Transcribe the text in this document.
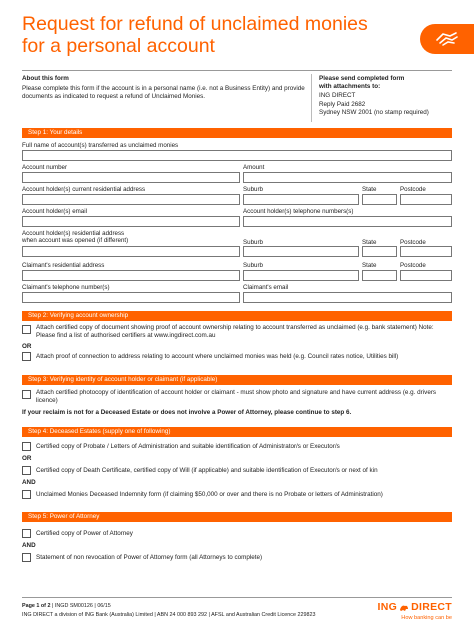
Request for refund of unclaimed monies
for a personal account
About this form
Please complete this form if the account is in a personal name (i.e. not a Business Entity) and provide documents as indicated to request a refund of Unclaimed Monies.
Please send completed form
with attachments to:
ING DIRECT
Reply Paid 2682
Sydney NSW 2001 (no stamp required)
Step 1: Your details
Full name of account(s) transferred as unclaimed monies
Account number	Amount
Account holder(s) current residential address	Suburb	State	Postcode
Account holder(s) email	Account holder(s) telephone numbers(s)
Account holder(s) residential address
when account was opened (if different)	Suburb	State	Postcode
Claimant's residential address	Suburb	State	Postcode
Claimant's telephone number(s)	Claimant's email
Step 2: Verifying account ownership
Attach certified copy of document showing proof of account ownership relating to account transferred as unclaimed (e.g. bank statement) Note: Please find a list of authorised certifiers at www.ingdirect.com.au
OR
Attach proof of connection to address relating to account where unclaimed monies was held (e.g. Council rates notice, Utilities bill)
Step 3: Verifying identity of account holder or claimant (if applicable)
Attach certified photocopy of identification of account holder or claimant - must show photo and signature and have current address (e.g. drivers licence)
If your reclaim is not for a Deceased Estate or does not involve a Power of Attorney, please continue to step 6.
Step 4: Deceased Estates (supply one of following)
Certified copy of Probate / Letters of Administration and suitable identification of Administrator/s or Executor/s
OR
Certified copy of Death Certificate, certified copy of Will (if applicable) and suitable identification of Executor/s or next of kin
AND
Unclaimed Monies Deceased Indemnity form (if claiming $50,000 or over and there is no Probate or letters of Administration)
Step 5: Power of Attorney
Certified copy of Power of Attorney
AND
Statement of non revocation of Power of Attorney form (all Attorneys to complete)
Page 1 of 2 | INGD SM00126 | 06/15
ING DIRECT a division of ING Bank (Australia) Limited | ABN 24 000 893 292 | AFSL and Australian Credit Licence 229823
ING DIRECT
How banking can be
